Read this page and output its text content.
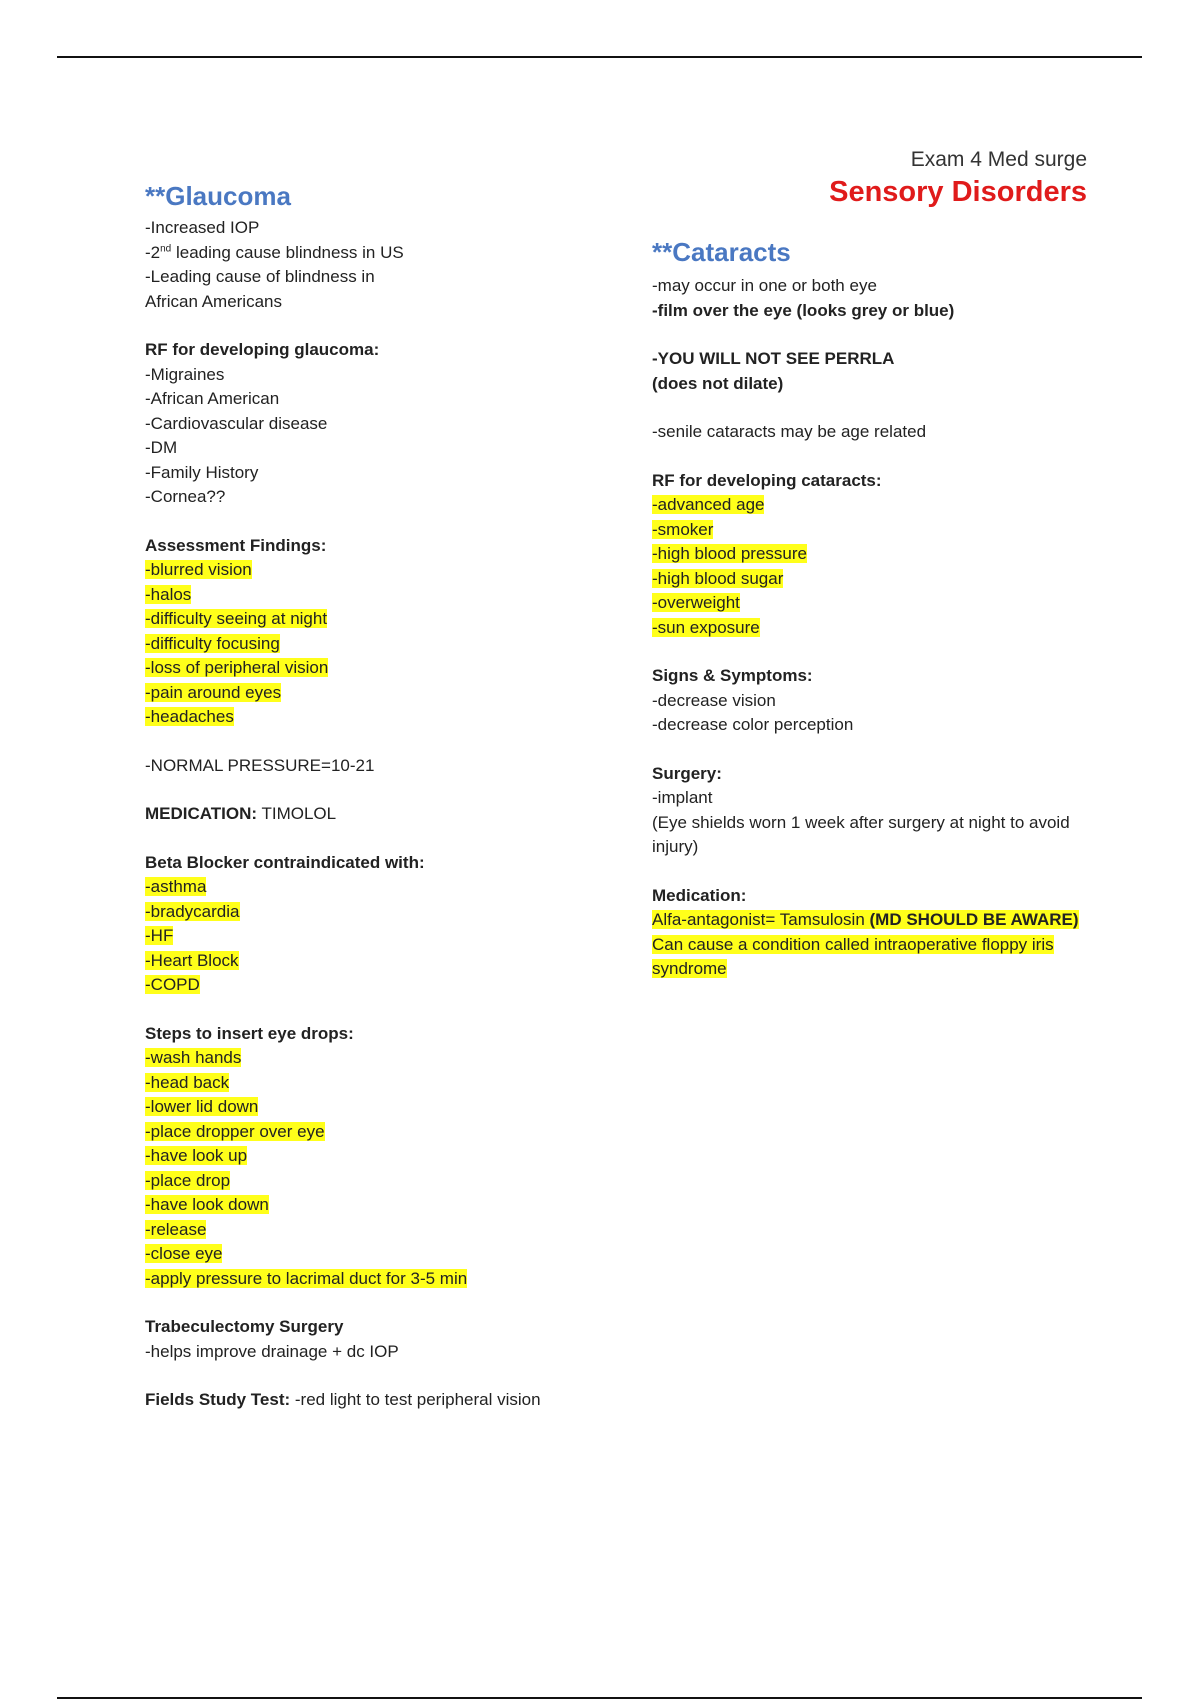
Exam 4 Med surge
Sensory Disorders
**Glaucoma
-Increased IOP
-2nd leading cause blindness in US
-Leading cause of blindness in
African Americans
RF for developing glaucoma:
-Migraines
-African American
-Cardiovascular disease
-DM
-Family History
-Cornea??
Assessment Findings:
-blurred vision
-halos
-difficulty seeing at night
-difficulty focusing
-loss of peripheral vision
-pain around eyes
-headaches
-NORMAL PRESSURE=10-21
MEDICATION: TIMOLOL
Beta Blocker contraindicated with:
-asthma
-bradycardia
-HF
-Heart Block
-COPD
Steps to insert eye drops:
-wash hands
-head back
-lower lid down
-place dropper over eye
-have look up
-place drop
-have look down
-release
-close eye
-apply pressure to lacrimal duct for 3-5 min
Trabeculectomy Surgery
-helps improve drainage + dc IOP
Fields Study Test: -red light to test peripheral vision
**Cataracts
-may occur in one or both eye
-film over the eye (looks grey or blue)
-YOU WILL NOT SEE PERRLA
(does not dilate)
-senile cataracts may be age related
RF for developing cataracts:
-advanced age
-smoker
-high blood pressure
-high blood sugar
-overweight
-sun exposure
Signs & Symptoms:
-decrease vision
-decrease color perception
Surgery:
-implant
(Eye shields worn 1 week after surgery at night to avoid injury)
Medication:
Alfa-antagonist= Tamsulosin (MD SHOULD BE AWARE)
Can cause a condition called intraoperative floppy iris syndrome
